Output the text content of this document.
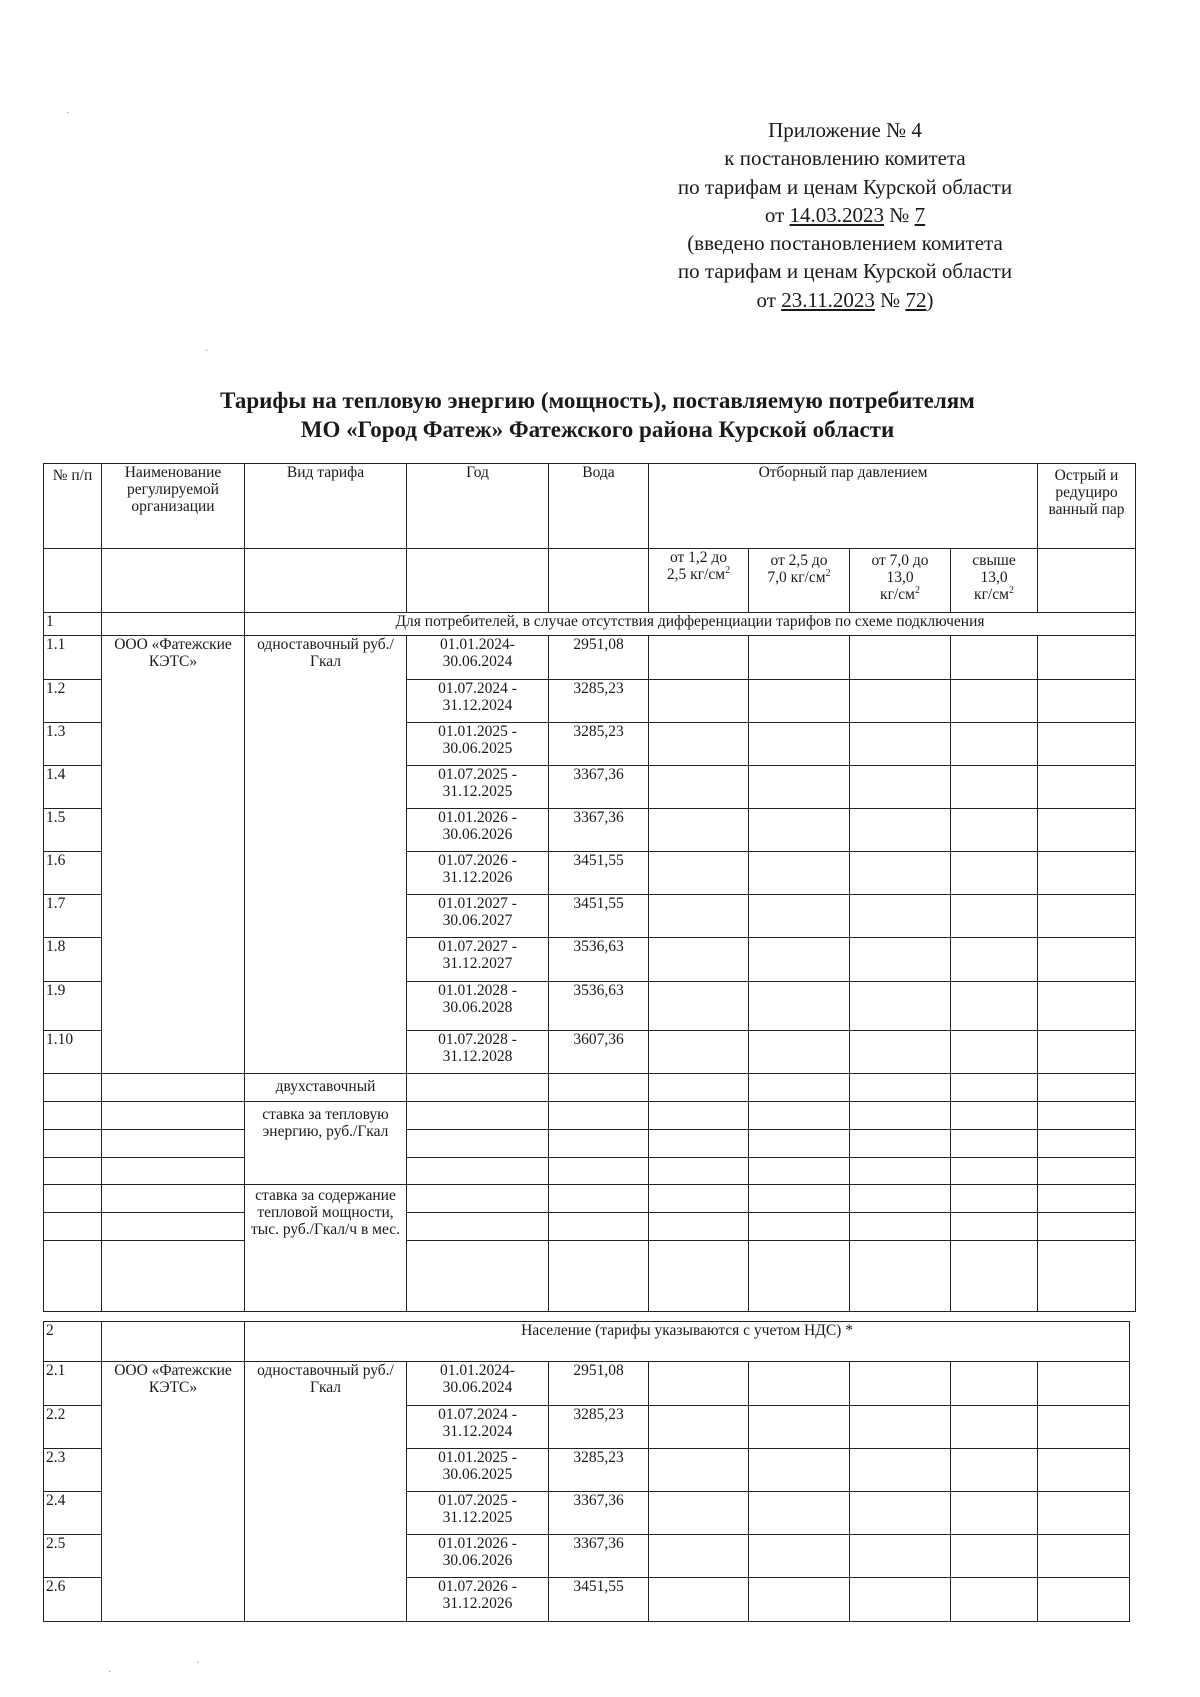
Приложение № 4
к постановлению комитета
по тарифам и ценам Курской области
от 14.03.2023 № 7
(введено постановлением комитета
по тарифам и ценам Курской области
от 23.11.2023 № 72)
Тарифы на тепловую энергию (мощность), поставляемую потребителям
МО «Город Фатеж» Фатежского района Курской области
№ п/п	Наименование регулируемой организации	Вид тарифа	Год	Вода	Отборный пар давлением				Острый и редуциро ванный пар
					от 1,2 до
2,5 $кг/см^2$	от 2,5 до
7,0 $кг/см^2$	от 7,0 до
13,0
$кг/см^2$	свыше
13,0
$кг/см^2$	
1		Для потребителей, в случае отсутствия дифференциации тарифов по схеме подключения							
1.1	ООО «Фатежские КЭТС»	одноставочный руб./Гкал	01.01.2024-
30.06.2024	2951,08					
1.2			01.07.2024 -
31.12.2024	3285,23					
1.3			01.01.2025 -
30.06.2025	3285,23					
1.4			01.07.2025 -
31.12.2025	3367,36					
1.5			01.01.2026 -
30.06.2026	3367,36					
1.6			01.07.2026 -
31.12.2026	3451,55					
1.7			01.01.2027 -
30.06.2027	3451,55					
1.8			01.07.2027 -
31.12.2027	3536,63					
1.9			01.01.2028 -
30.06.2028	3536,63					
1.10			01.07.2028 -
31.12.2028	3607,36					
		двухставочный							
		ставка за тепловую энергию, руб./Гкал							

		ставка за содержание тепловой мощности, тыс. руб./Гкал/ч в мес.							

2		Население (тарифы указываются с учетом НДС) *							
2.1	ООО «Фатежские КЭТС»	одноставочный руб./Гкал	01.01.2024-
30.06.2024	2951,08					
2.2			01.07.2024 -
31.12.2024	3285,23					
2.3			01.01.2025 -
30.06.2025	3285,23					
2.4			01.07.2025 -
31.12.2025	3367,36					
2.5			01.01.2026 -
30.06.2026	3367,36					
2.6			01.07.2026 -
31.12.2026	3451,55					
·
·
·
·
